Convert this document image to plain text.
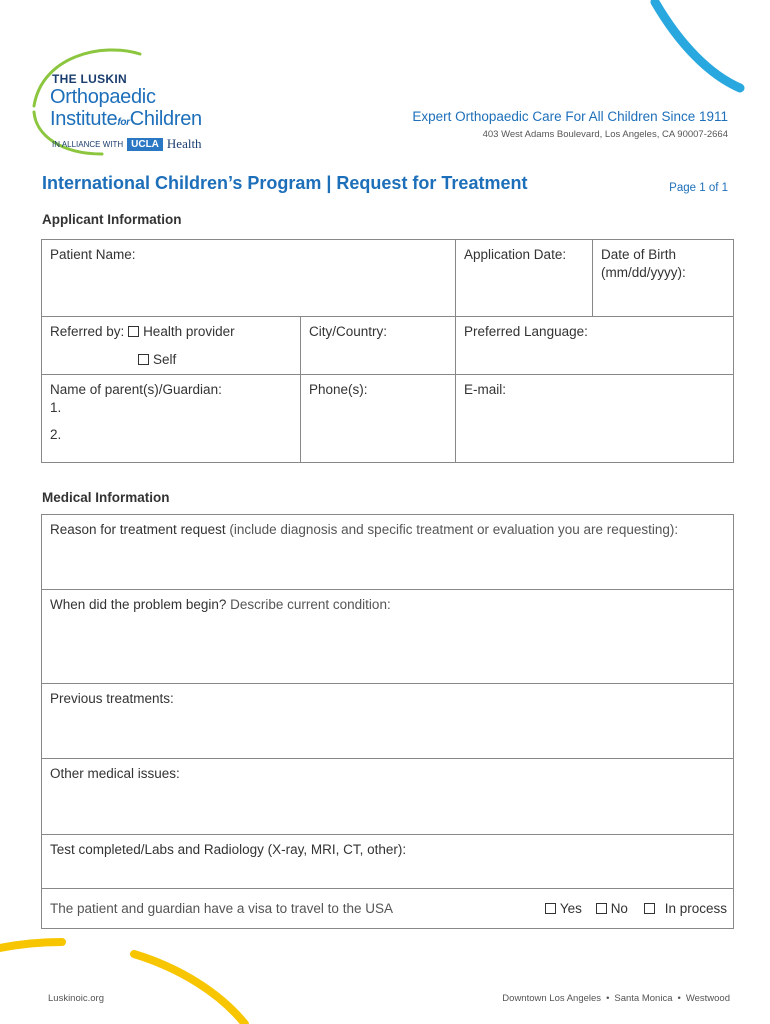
THE LUSKIN
Orthopaedic
InstituteforChildren
IN ALLIANCE WITH UCLA Health
Expert Orthopaedic Care For All Children Since 1911
403 West Adams Boulevard, Los Angeles, CA 90007-2664
International Children’s Program | Request for Treatment	Page 1 of 1
Applicant Information
Patient Name:		Application Date:	Date of Birth
(mm/dd/yyyy):

Referred by: Health provider
Self	City/Country:	Preferred Language:	

Name of parent(s)/Guardian:
1.
2.	Phone(s):	E-mail:	
Medical Information
Reason for treatment request (include diagnosis and specific treatment or evaluation you are requesting):
When did the problem begin? Describe current condition:
Previous treatments:
Other medical issues:
Test completed/Labs and Radiology (X-ray, MRI, CT, other):
The patient and guardian have a visa to travel to the USA	Yes No	In process
Luskinoic.org	Downtown Los Angeles • Santa Monica • Westwood
